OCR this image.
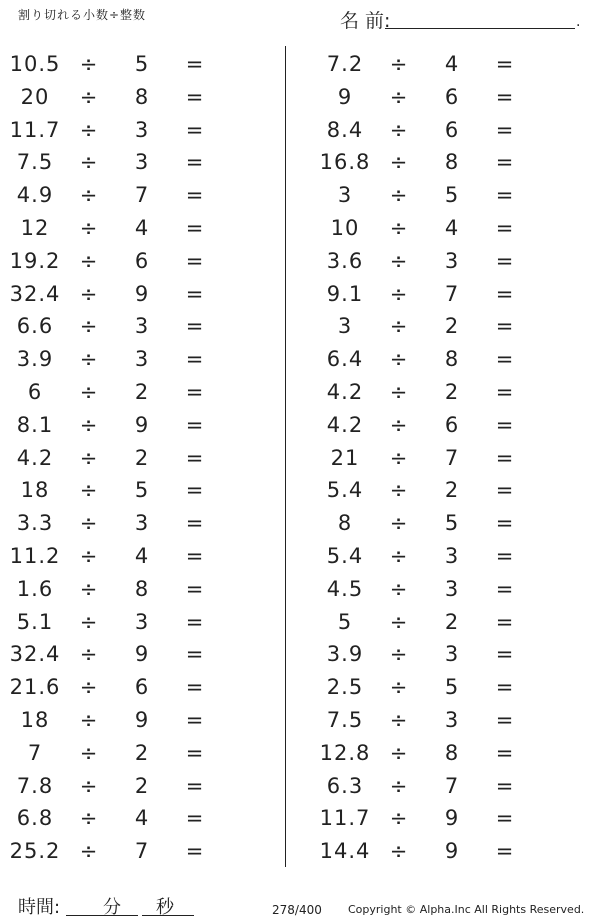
割り切れる小数÷整数	名 前:	.
10.5 ÷	5	=
20	÷	8	=
11.7 ÷	3	=
7.5	÷	3	=
4.9	÷	7	=
12	÷	4	=
19.2 ÷	6	=
32.4 ÷	9	=
6.6	÷	3	=
3.9	÷	3	=
6	÷	2	=
8.1	÷	9	=
4.2	÷	2	=
18	÷	5	=
3.3	÷	3	=
11.2 ÷	4	=
1.6	÷	8	=
5.1	÷	3	=
32.4 ÷	9	=
21.6 ÷	6	=
18	÷	9	=
7	÷	2	=
7.8	÷	2	=
6.8	÷	4	=
25.2 ÷	7	=
7.2	÷	4	=
9	÷	6	=
8.4	÷	6	=
16.8 ÷	8	=
3	÷	5	=
10	÷	4	=
3.6	÷	3	=
9.1	÷	7	=
3	÷	2	=
6.4	÷	8	=
4.2	÷	2	=
4.2	÷	6	=
21	÷	7	=
5.4	÷	2	=
8	÷	5	=
5.4	÷	3	=
4.5	÷	3	=
5	÷	2	=
3.9	÷	3	=
2.5	÷	5	=
7.5	÷	3	=
12.8 ÷	8	=
6.3	÷	7	=
11.7 ÷	9	=
14.4 ÷	9	=
時間: 分 秒	278/400 Copyright © Alpha.Inc All Rights Reserved.
